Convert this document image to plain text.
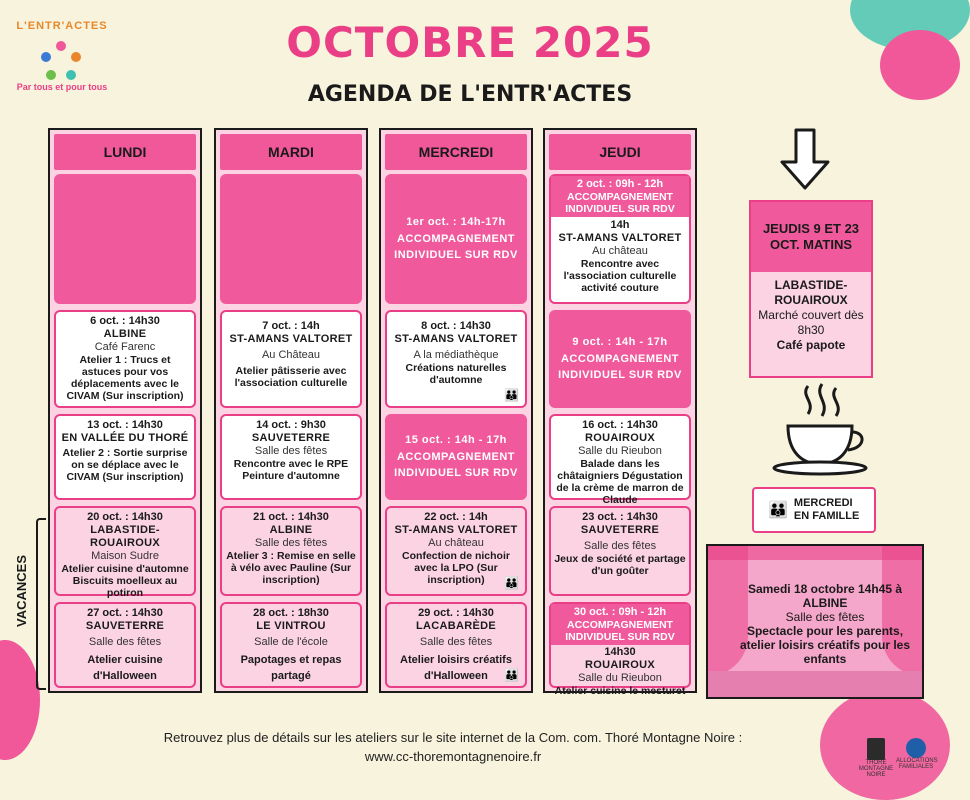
L'ENTR'ACTES
Par tous et pour tous
OCTOBRE 2025
AGENDA DE L'ENTR'ACTES
LUNDI
6 oct. : 14h30
ALBINE
Café Farenc
Atelier 1 : Trucs et astuces pour vos déplacements avec le CIVAM (Sur inscription)
13 oct. : 14h30
EN VALLÉE DU THORÉ
Atelier 2 : Sortie surprise on se déplace avec le CIVAM (Sur inscription)
20 oct. : 14h30
LABASTIDE-ROUAIROUX
Maison Sudre
Atelier cuisine d'automne Biscuits moelleux au potiron
27 oct. : 14h30
SAUVETERRE
Salle des fêtes
Atelier cuisine d'Halloween
MARDI
7 oct. : 14h
ST-AMANS VALTORET
Au Château
Atelier pâtisserie avec l'association culturelle
14 oct. : 9h30
SAUVETERRE
Salle des fêtes
Rencontre avec le RPE Peinture d'automne
21 oct. : 14h30
ALBINE
Salle des fêtes
Atelier 3 : Remise en selle à vélo avec Pauline (Sur inscription)
28 oct. : 18h30
LE VINTROU
Salle de l'école
Papotages et repas partagé
MERCREDI
1er oct. : 14h-17h
ACCOMPAGNEMENT INDIVIDUEL SUR RDV
8 oct. : 14h30
ST-AMANS VALTORET
A la médiathèque
Créations naturelles d'automne
👪
15 oct. : 14h - 17h
ACCOMPAGNEMENT INDIVIDUEL SUR RDV
22 oct. : 14h
ST-AMANS VALTORET
Au château
Confection de nichoir avec la LPO (Sur inscription)	👪
29 oct. : 14h30
LACABARÈDE
Salle des fêtes
Atelier loisirs créatifs d'Halloween	👪
JEUDI
2 oct. : 09h - 12h
ACCOMPAGNEMENT INDIVIDUEL SUR RDV
14h
ST-AMANS VALTORET
Au château
Rencontre avec l'association culturelle activité couture
9 oct. : 14h - 17h
ACCOMPAGNEMENT INDIVIDUEL SUR RDV
16 oct. : 14h30
ROUAIROUX
Salle du Rieubon
Balade dans les châtaigniers Dégustation de la crème de marron de Claude
23 oct. : 14h30
SAUVETERRE
Salle des fêtes
Jeux de société et partage d'un goûter
30 oct. : 09h - 12h
ACCOMPAGNEMENT INDIVIDUEL SUR RDV
14h30
ROUAIROUX
Salle du Rieubon
Atelier cuisine le mesturet
VACANCES
JEUDIS 9 ET 23 OCT. MATINS
LABASTIDE-ROUAIROUX
Marché couvert dès 8h30
Café papote
👪 MERCREDI EN FAMILLE
Samedi 18 octobre 14h45 à ALBINE
Salle des fêtes
Spectacle pour les parents, atelier loisirs créatifs pour les enfants
Retrouvez plus de détails sur les ateliers sur le site internet de la Com. com. Thoré Montagne Noire :
www.cc-thoremontagnenoire.fr	THORÉ MONTAGNE NOIRE
ALLOCATIONS FAMILIALES
